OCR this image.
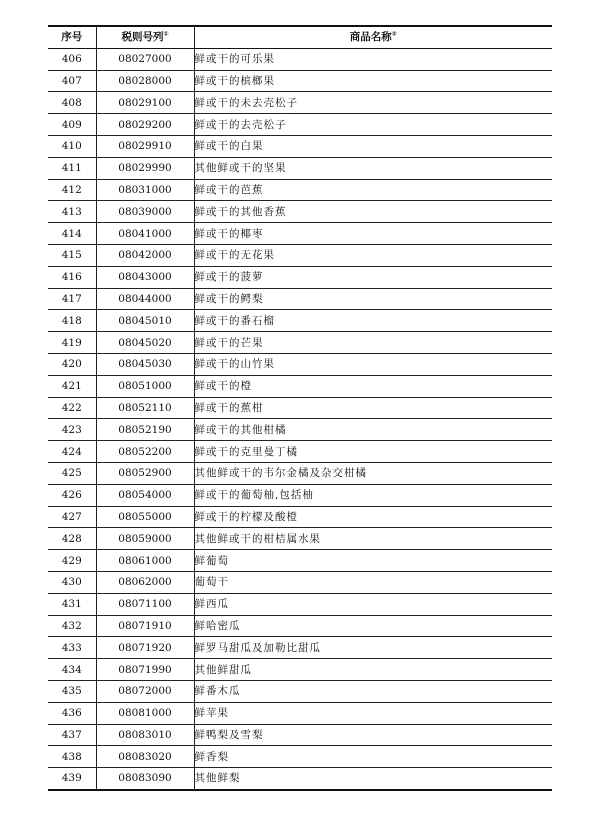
序号	税则号列①	商品名称②
406	08027000	鲜或干的可乐果
407	08028000	鲜或干的槟榔果
408	08029100	鲜或干的未去壳松子
409	08029200	鲜或干的去壳松子
410	08029910	鲜或干的白果
411	08029990	其他鲜或干的坚果
412	08031000	鲜或干的芭蕉
413	08039000	鲜或干的其他香蕉
414	08041000	鲜或干的椰枣
415	08042000	鲜或干的无花果
416	08043000	鲜或干的菠萝
417	08044000	鲜或干的鳄梨
418	08045010	鲜或干的番石榴
419	08045020	鲜或干的芒果
420	08045030	鲜或干的山竹果
421	08051000	鲜或干的橙
422	08052110	鲜或干的蕉柑
423	08052190	鲜或干的其他柑橘
424	08052200	鲜或干的克里曼丁橘
425	08052900	其他鲜或干的韦尔金橘及杂交柑橘
426	08054000	鲜或干的葡萄柚,包括柚
427	08055000	鲜或干的柠檬及酸橙
428	08059000	其他鲜或干的柑桔属水果
429	08061000	鲜葡萄
430	08062000	葡萄干
431	08071100	鲜西瓜
432	08071910	鲜哈密瓜
433	08071920	鲜罗马甜瓜及加勒比甜瓜
434	08071990	其他鲜甜瓜
435	08072000	鲜番木瓜
436	08081000	鲜苹果
437	08083010	鲜鸭梨及雪梨
438	08083020	鲜香梨
439	08083090	其他鲜梨
